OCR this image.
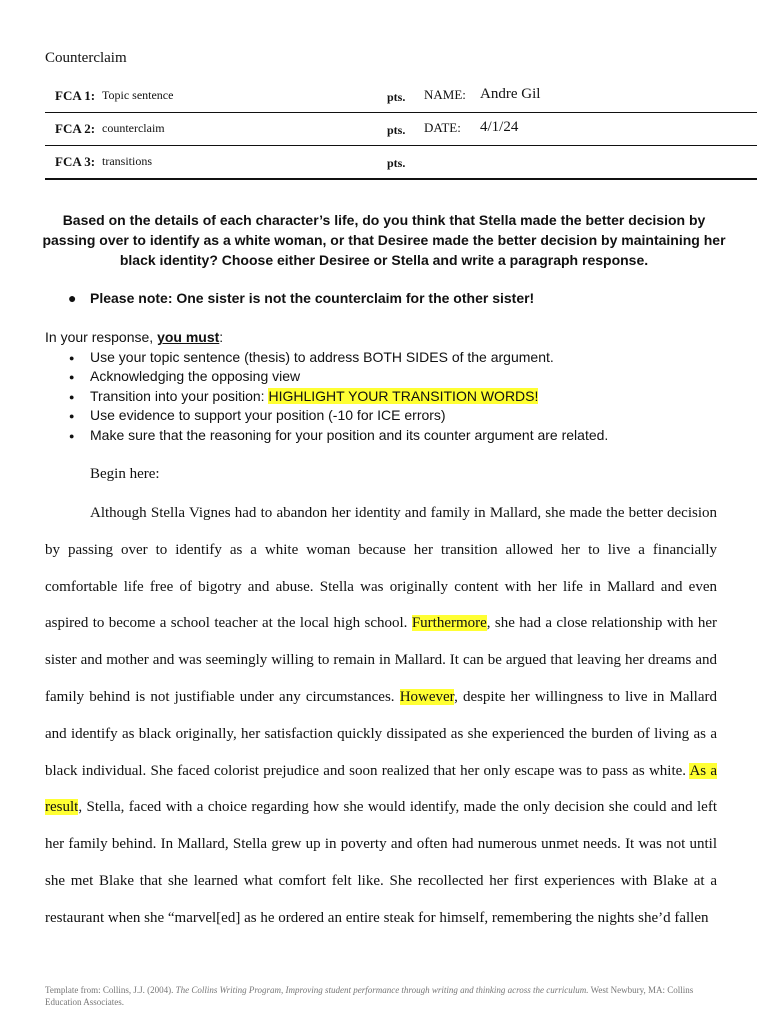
Counterclaim
FCA 1: Topic sentence	pts. NAME: Andre Gil
FCA 2: counterclaim	pts. DATE: 4/1/24
FCA 3: transitions	pts.
Based on the details of each character’s life, do you think that Stella made the better decision by passing over to identify as a white woman, or that Desiree made the better decision by maintaining her black identity? Choose either Desiree or Stella and write a paragraph response.
● Please note: One sister is not the counterclaim for the other sister!
In your response, you must:
● Use your topic sentence (thesis) to address BOTH SIDES of the argument.
● Acknowledging the opposing view
● Transition into your position: HIGHLIGHT YOUR TRANSITION WORDS!
● Use evidence to support your position (-10 for ICE errors)
● Make sure that the reasoning for your position and its counter argument are related.
Begin here:

Although Stella Vignes had to abandon her identity and family in Mallard, she made the better decision by passing over to identify as a white woman because her transition allowed her to live a financially comfortable life free of bigotry and abuse. Stella was originally content with her life in Mallard and even aspired to become a school teacher at the local high school. Furthermore, she had a close relationship with her sister and mother and was seemingly willing to remain in Mallard. It can be argued that leaving her dreams and family behind is not justifiable under any circumstances. However, despite her willingness to live in Mallard and identify as black originally, her satisfaction quickly dissipated as she experienced the burden of living as a black individual. She faced colorist prejudice and soon realized that her only escape was to pass as white. As a result, Stella, faced with a choice regarding how she would identify, made the only decision she could and left her family behind. In Mallard, Stella grew up in poverty and often had numerous unmet needs. It was not until she met Blake that she learned what comfort felt like. She recollected her first experiences with Blake at a restaurant when she “marvel[ed] as he ordered an entire steak for himself, remembering the nights she’d fallen

Template from: Collins, J.J. (2004). The Collins Writing Program, Improving student performance through writing and thinking across the curriculum. West Newbury, MA: Collins Education Associates.
